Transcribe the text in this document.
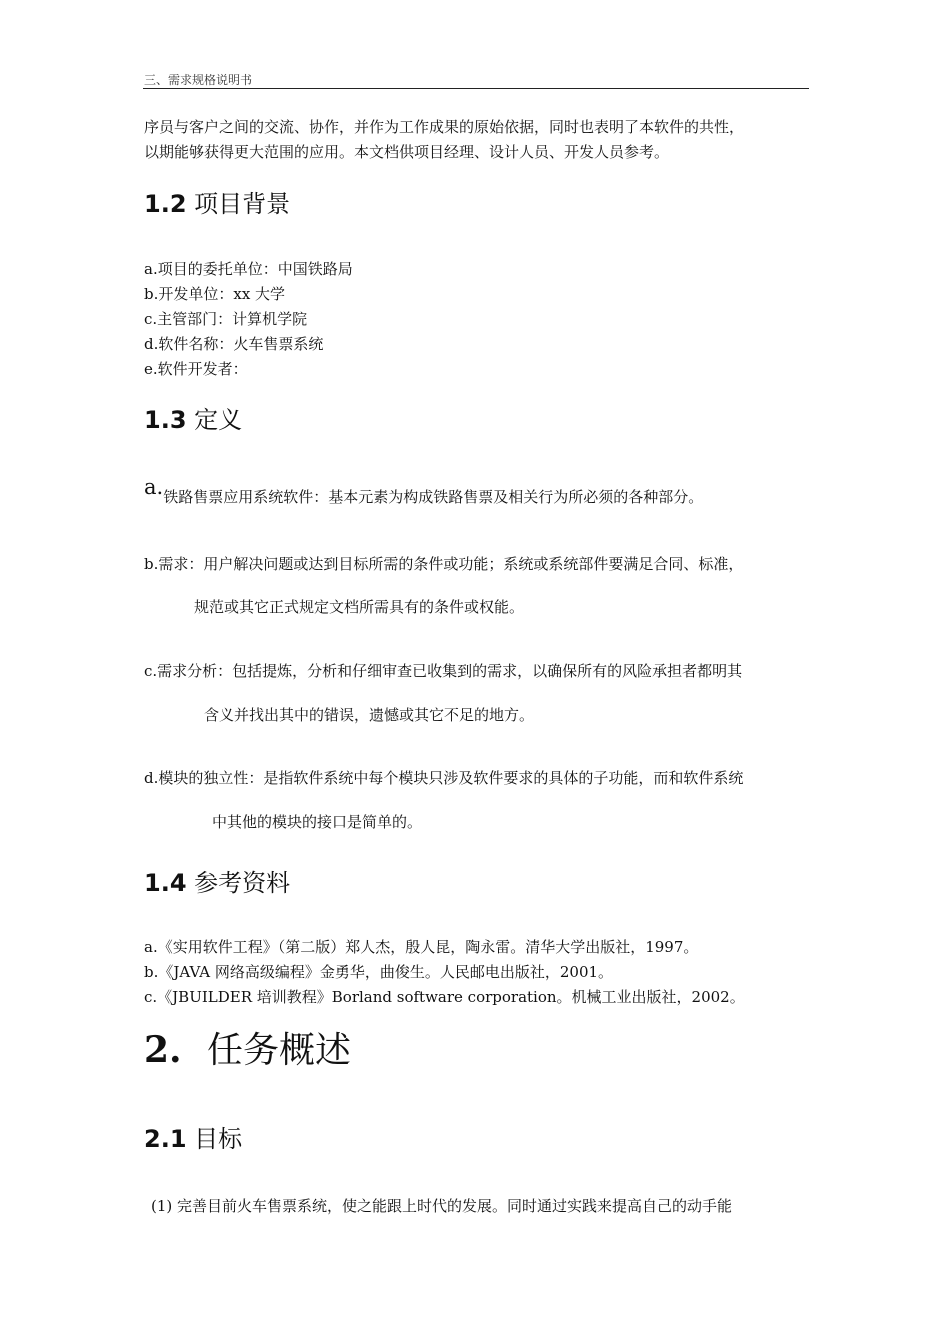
三、需求规格说明书
序员与客户之间的交流、协作，并作为工作成果的原始依据，同时也表明了本软件的共性，
以期能够获得更大范围的应用。本文档供项目经理、设计人员、开发人员参考。
1.2 项目背景
a.项目的委托单位：中国铁路局
b.开发单位：xx 大学
c.主管部门：计算机学院
d.软件名称：火车售票系统
e.软件开发者：
1.3 定义
a.铁路售票应用系统软件：基本元素为构成铁路售票及相关行为所必须的各种部分。
b.需求：用户解决问题或达到目标所需的条件或功能；系统或系统部件要满足合同、标准，
规范或其它正式规定文档所需具有的条件或权能。
c.需求分析：包括提炼，分析和仔细审查已收集到的需求，以确保所有的风险承担者都明其
含义并找出其中的错误，遗憾或其它不足的地方。
d.模块的独立性：是指软件系统中每个模块只涉及软件要求的具体的子功能，而和软件系统
中其他的模块的接口是简单的。
1.4 参考资料
a.《实用软件工程》（第二版）郑人杰，殷人昆，陶永雷。清华大学出版社，1997。
b.《JAVA 网络高级编程》金勇华，曲俊生。人民邮电出版社，2001。
c.《JBUILDER 培训教程》Borland software corporation。机械工业出版社，2002。
2. 任务概述
2.1 目标
(1) 完善目前火车售票系统，使之能跟上时代的发展。同时通过实践来提高自己的动手能
